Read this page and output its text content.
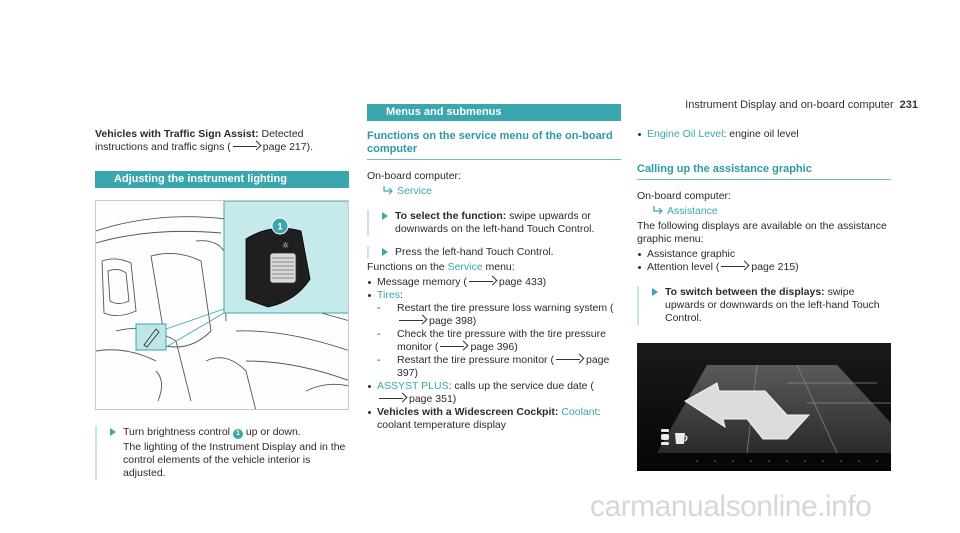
Instrument Display and on-board computer 231

Vehicles with Traffic Sign Assist: Detected instructions and traffic signs (	page 217).

Adjusting the instrument lighting
☼
1

Turn brightness control 1 up or down.

The lighting of the Instrument Display and in the control elements of the vehicle interior is adjusted.

Menus and submenus
Functions on the service menu of the on-board computer

On-board computer:

Service

To select the function: swipe upwards or downwards on the left-hand Touch Control.

Press the left-hand Touch Control.

Functions on the Service menu:

Message memory (	page 433)
Tires:
- Restart the tire pressure loss warning system (page 398)
- Check the tire pressure with the tire pressure monitor (	page 396)
- Restart the tire pressure monitor (	page 397)
ASSYST PLUS: calls up the service due date (page 351)
Vehicles with a Widescreen Cockpit: Coolant: coolant temperature display
Engine Oil Level: engine oil level
Calling up the assistance graphic

On-board computer:

Assistance

The following displays are available on the assistance graphic menu:

Assistance graphic
Attention level (	page 215)

To switch between the displays: swipe upwards or downwards on the left-hand Touch Control.

carmanualsonline.info
